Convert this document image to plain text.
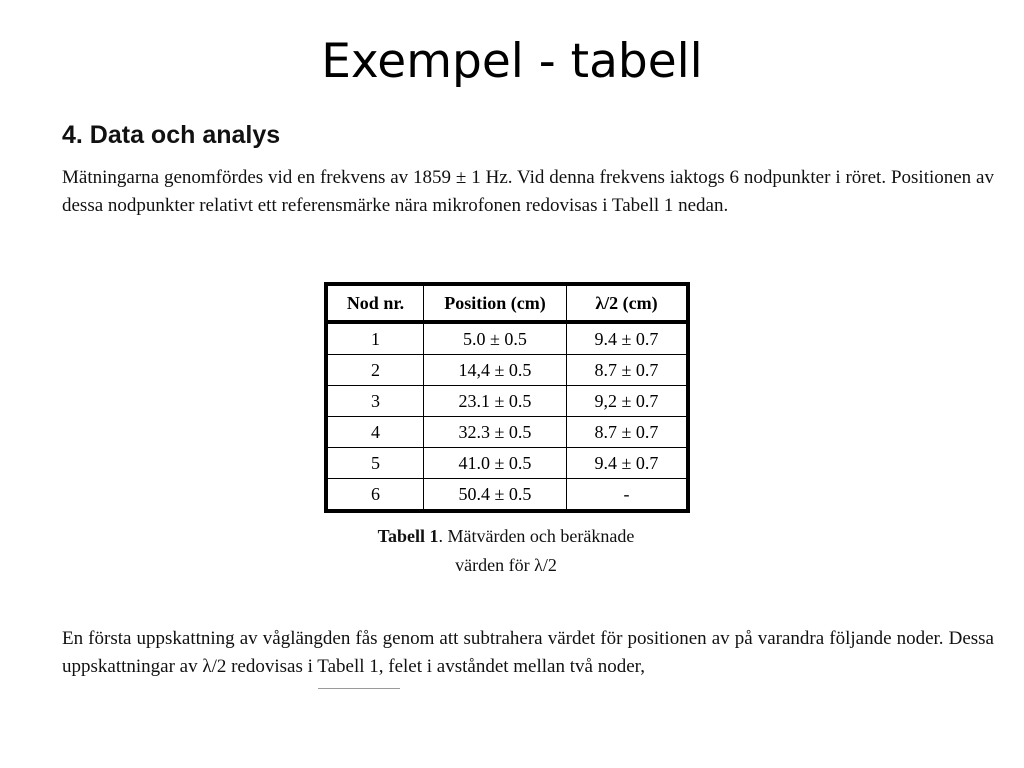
Exempel - tabell
4. Data och analys

Mätningarna genomfördes vid en frekvens av 1859 ± 1 Hz. Vid denna frekvens iaktogs 6 nodpunkter i röret. Positionen av dessa nodpunkter relativt ett referensmärke nära mikrofonen redovisas i Tabell 1 nedan.

Nod nr.	Position (cm)	λ/2 (cm)
1	5.0 ± 0.5	9.4 ± 0.7
2	14,4 ± 0.5	8.7 ± 0.7
3	23.1 ± 0.5	9,2 ± 0.7
4	32.3 ± 0.5	8.7 ± 0.7
5	41.0 ± 0.5	9.4 ± 0.7
6	50.4 ± 0.5	-
Tabell 1. Mätvärden och beräknade
värden för λ/2

En första uppskattning av våglängden fås genom att subtrahera värdet för positionen av på varandra följande noder. Dessa uppskattningar av λ/2 redovisas i Tabell 1, felet i avståndet mellan två noder,
